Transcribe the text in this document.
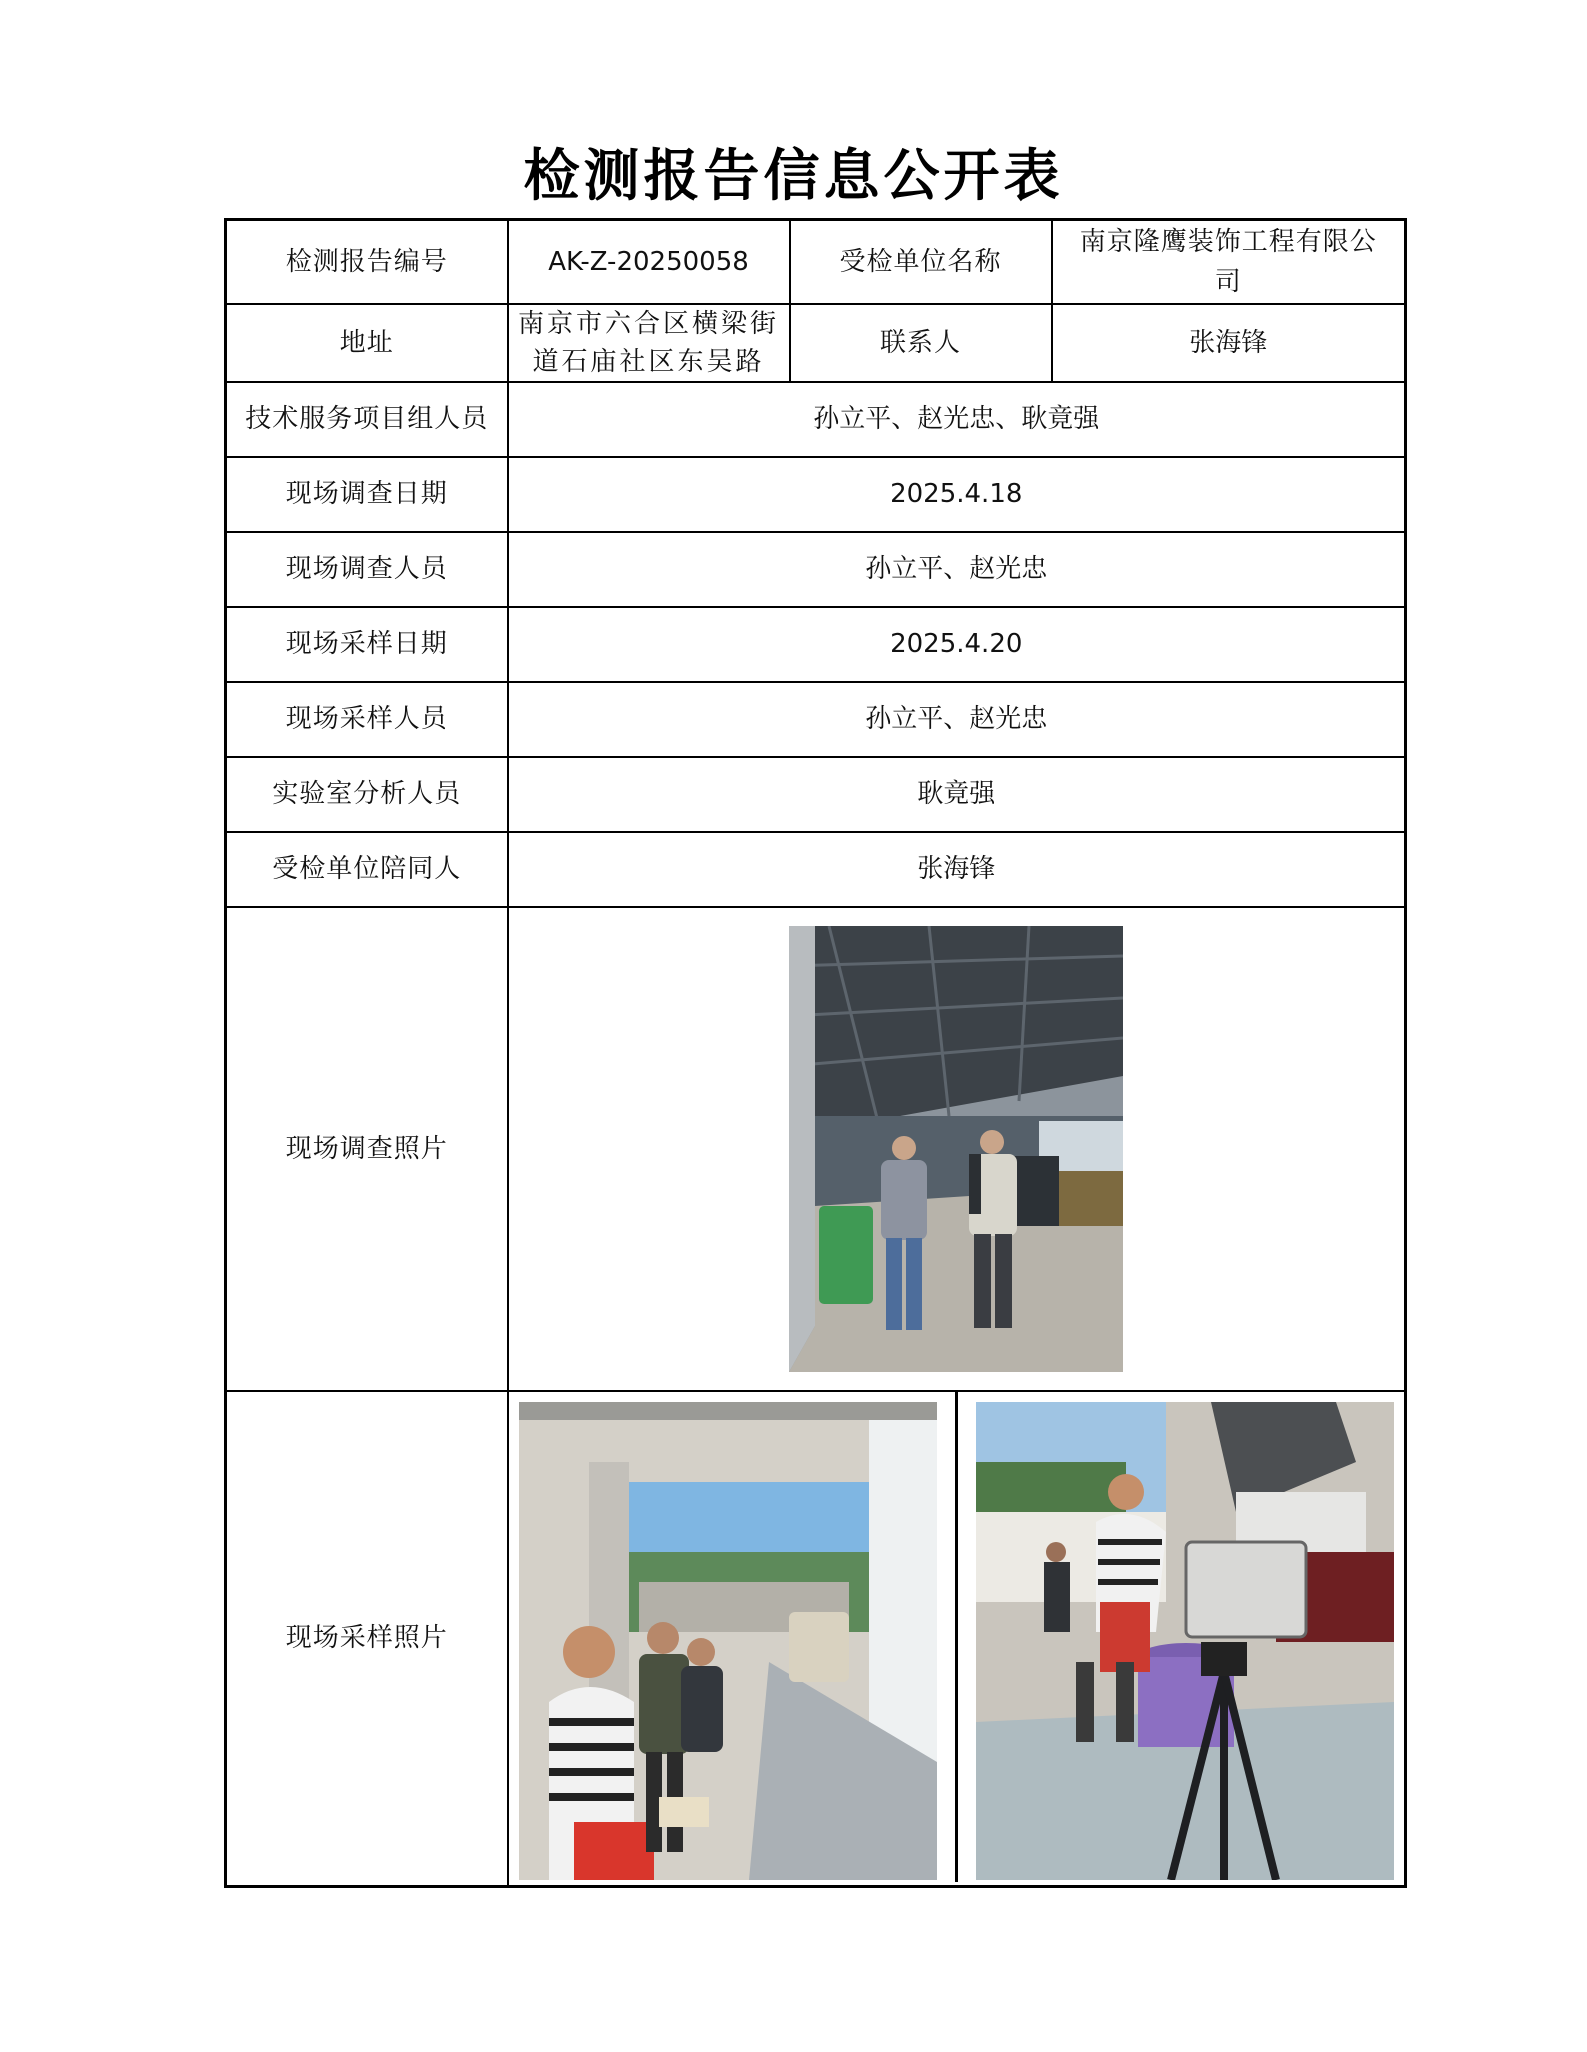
检测报告信息公开表
检测报告编号	AK-Z-20250058	受检单位名称	南京隆鹰装饰工程有限公司
地址	南京市六合区横梁街道石庙社区东吴路	联系人	张海锋
技术服务项目组人员	孙立平、赵光忠、耿竟强		
现场调查日期	2025.4.18		
现场调查人员	孙立平、赵光忠		
现场采样日期	2025.4.20		
现场采样人员	孙立平、赵光忠		
实验室分析人员	耿竟强		
受检单位陪同人	张海锋		
现场调查照片	

现场采样照片	
